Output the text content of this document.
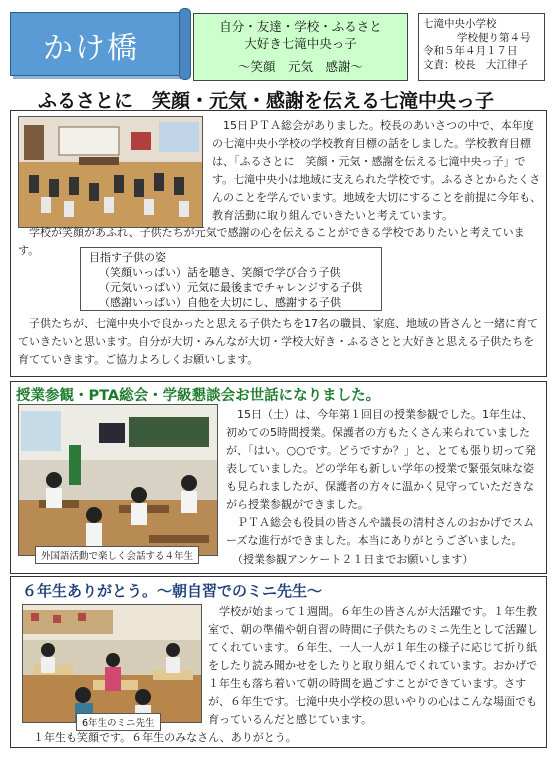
かけ橋
自分・友達・学校・ふるさと
大好き七滝中央っ子
～笑顔　元気　感謝～
七滝中央小学校
学校便り第４号
令和５年４月１７日
文責：校長　大江律子
ふるさとに　笑顔・元気・感謝を伝える七滝中央っ子
　15日ＰＴＡ総会がありました。校長のあいさつの中で、本年度の七滝中央小学校の学校教育目標の話をしました。学校教育目標は、「ふるさとに　笑顔・元気・感謝を伝える七滝中央っ子」です。七滝中央小は地域に支えられた学校です。ふるさとからたくさんのことを学んでいます。地域を大切にすることを前提に今年も、教育活動に取り組んでいきたいと考えています。
　学校が笑顔があふれ、子供たちが元気で感謝の心を伝えることができる学校でありたいと考えています。
目指す子供の姿
（笑顔いっぱい）話を聴き、笑顔で学び合う子供
（元気いっぱい）元気に最後までチャレンジする子供
（感謝いっぱい）自他を大切にし、感謝する子供
　子供たちが、七滝中央小で良かったと思える子供たちを17名の職員、家庭、地域の皆さんと一緒に育てていきたいと思います。自分が大切・みんなが大切・学校大好き・ふるさとと大好きと思える子供たちを育てていきます。ご協力よろしくお願いします。
授業参観・PTA総会・学級懇談会お世話になりました。
外国語活動で楽しく会話する４年生
　15日（土）は、今年第１回目の授業参観でした。1年生は、初めての5時間授業。保護者の方もたくさん来られていましたが、「はい。○○です。どうですか？」と、とても張り切って発表していました。どの学年も新しい学年の授業で緊張気味な姿も見られましたが、保護者の方々に温かく見守っていただきながら授業参観ができました。
　ＰＴＡ総会も役員の皆さんや議長の清村さんのおかげでスムーズな進行ができました。本当にありがとうございました。
（授業参観アンケート２１日までお願いします）
６年生ありがとう。～朝自習でのミニ先生～
6年生のミニ先生
　学校が始まって１週間。６年生の皆さんが大活躍です。１年生教室で、朝の準備や朝自習の時間に子供たちのミニ先生として活躍してくれています。６年生、一人一人が１年生の様子に応じて折り紙をしたり読み聞かせをしたりと取り組んでくれています。おかげで１年生も落ち着いて朝の時間を過ごすことができています。さすが、６年生です。七滝中央小学校の思いやりの心はこんな場面でも育っているんだと感じています。
　１年生も笑顔です。６年生のみなさん、ありがとう。
